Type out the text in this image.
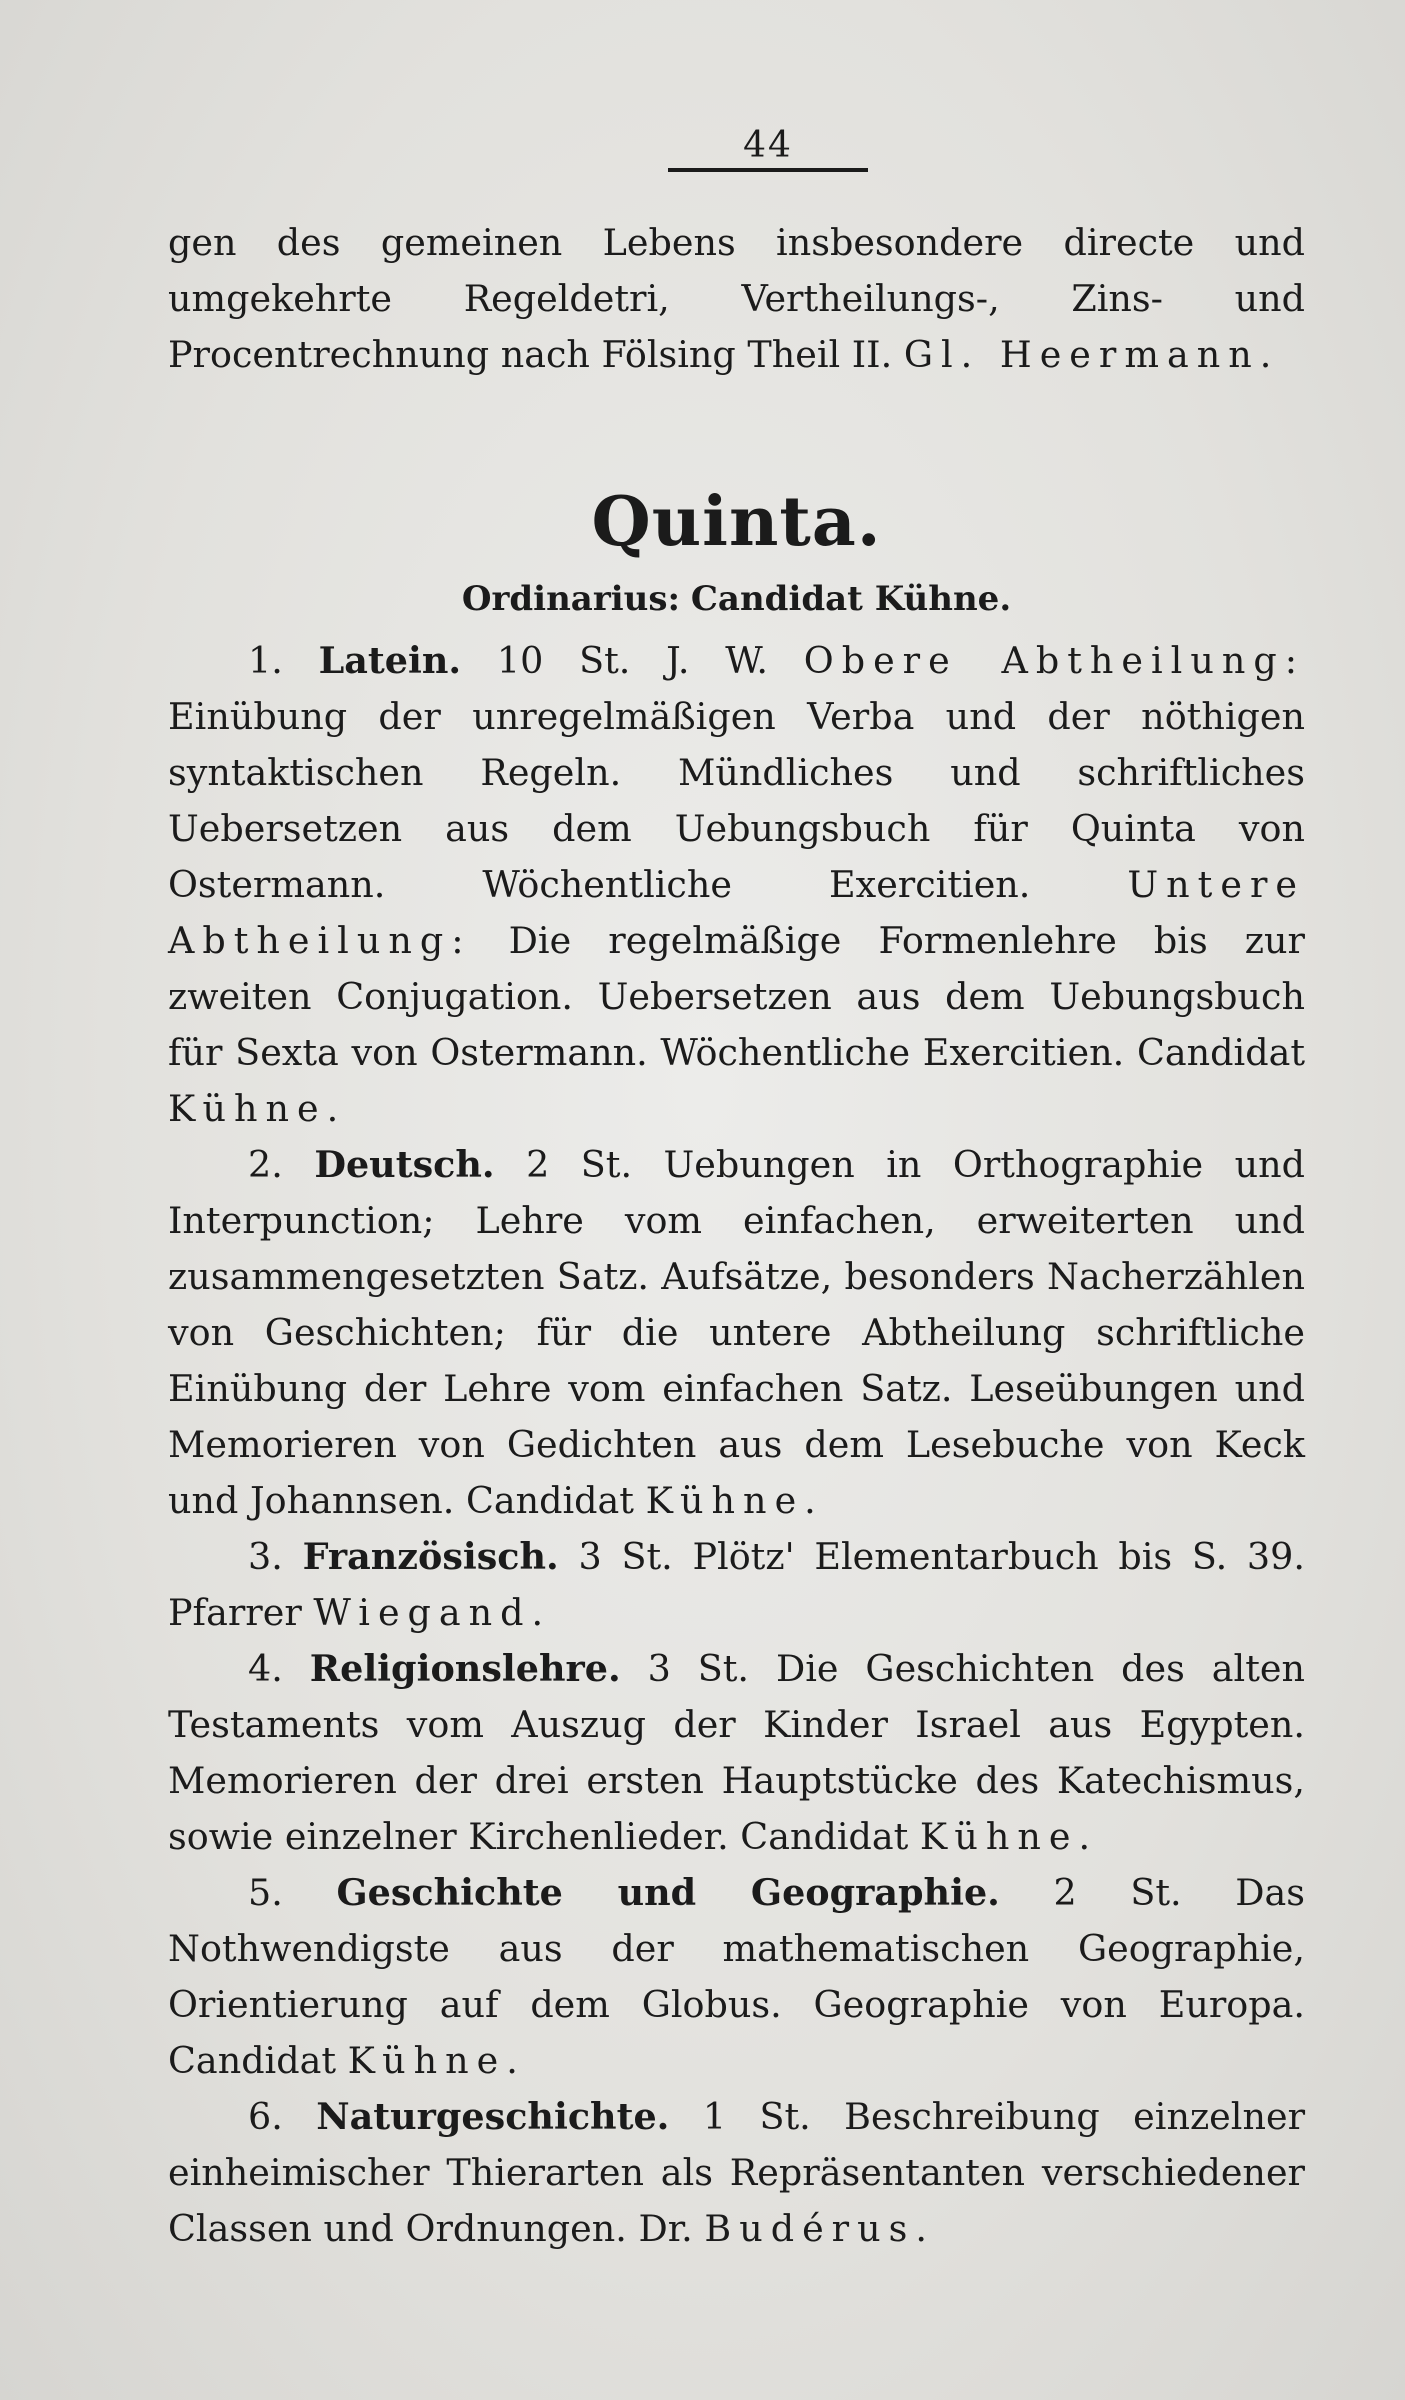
44

gen des gemeinen Lebens insbesondere directe und umgekehrte Regeldetri, Vertheilungs-, Zins- und Procentrechnung nach Fölsing Theil II. Gl. Heermann.

Quinta.

Ordinarius: Candidat Kühne.

1. Latein. 10 St. J. W. Obere Abtheilung: Einübung der unregelmäßigen Verba und der nöthigen syntaktischen Regeln. Mündliches und schriftliches Uebersetzen aus dem Uebungsbuch für Quinta von Ostermann. Wöchentliche Exercitien.	Untere Abtheilung: Die regelmäßige Formenlehre bis zur zweiten Conjugation. Uebersetzen aus dem Uebungsbuch für Sexta von Ostermann. Wöchentliche Exercitien. Candidat Kühne.

2. Deutsch. 2 St. Uebungen in Orthographie und Interpunction; Lehre vom einfachen, erweiterten und zusammengesetzten Satz. Aufsätze, besonders Nacherzählen von Geschichten; für die untere Abtheilung schriftliche Einübung der Lehre vom einfachen Satz. Leseübungen und Memorieren von Gedichten aus dem Lesebuche von Keck und Johannsen. Candidat Kühne.

3. Französisch. 3 St. Plötz' Elementarbuch bis S. 39. Pfarrer Wiegand.

4. Religionslehre. 3 St. Die Geschichten des alten Testaments vom Auszug der Kinder Israel aus Egypten. Memorieren der drei ersten Hauptstücke des Katechismus, sowie einzelner Kirchenlieder. Candidat Kühne.

5. Geschichte und Geographie. 2 St. Das Nothwendigste aus der mathematischen Geographie, Orientierung auf dem Globus. Geographie von Europa. Candidat Kühne.

6. Naturgeschichte. 1 St. Beschreibung einzelner einheimischer Thierarten als Repräsentanten verschiedener Classen und Ordnungen. Dr. Budérus.
